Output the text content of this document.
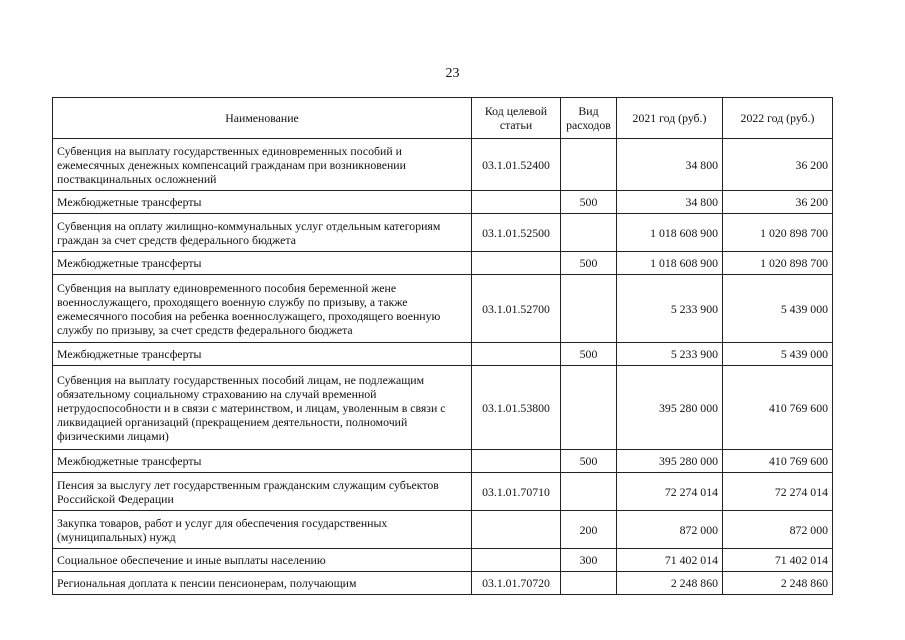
23
Наименование	Код целевой статьи	Вид расходов	2021 год (руб.)	2022 год (руб.)
Субвенция на выплату государственных единовременных пособий и ежемесячных денежных компенсаций гражданам при возникновении поствакцинальных осложнений	03.1.01.52400		34 800	36 200
Межбюджетные трансферты		500	34 800	36 200
Субвенция на оплату жилищно-коммунальных услуг отдельным категориям граждан за счет средств федерального бюджета	03.1.01.52500		1 018 608 900	1 020 898 700
Межбюджетные трансферты		500	1 018 608 900	1 020 898 700
Субвенция на выплату единовременного пособия беременной жене военнослужащего, проходящего военную службу по призыву, а также ежемесячного пособия на ребенка военнослужащего, проходящего военную службу по призыву, за счет средств федерального бюджета	03.1.01.52700		5 233 900	5 439 000
Межбюджетные трансферты		500	5 233 900	5 439 000
Субвенция на выплату государственных пособий лицам, не подлежащим обязательному социальному страхованию на случай временной нетрудоспособности и в связи с материнством, и лицам, уволенным в связи с ликвидацией организаций (прекращением деятельности, полномочий физическими лицами)	03.1.01.53800		395 280 000	410 769 600
Межбюджетные трансферты		500	395 280 000	410 769 600
Пенсия за выслугу лет государственным гражданским служащим субъектов Российской Федерации	03.1.01.70710		72 274 014	72 274 014
Закупка товаров, работ и услуг для обеспечения государственных (муниципальных) нужд		200	872 000	872 000
Социальное обеспечение и иные выплаты населению		300	71 402 014	71 402 014
Региональная доплата к пенсии пенсионерам, получающим	03.1.01.70720		2 248 860	2 248 860
